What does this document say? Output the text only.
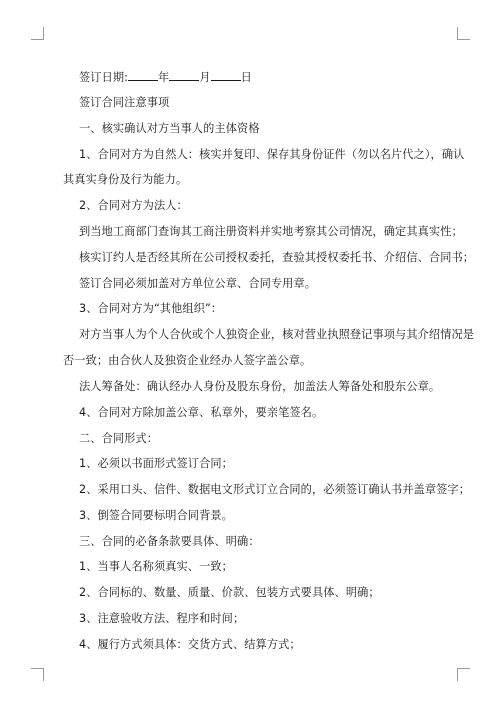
签订日期:	年	月	日
签订合同注意事项
一、核实确认对方当事人的主体资格
1、合同对方为自然人：核实并复印、保存其身份证件（勿以名片代之），确认
其真实身份及行为能力。
2、合同对方为法人：
到当地工商部门查询其工商注册资料并实地考察其公司情况，确定其真实性；
核实订约人是否经其所在公司授权委托，查验其授权委托书、介绍信、合同书；
签订合同必须加盖对方单位公章、合同专用章。
3、合同对方为“其他组织”：
对方当事人为个人合伙或个人独资企业，核对营业执照登记事项与其介绍情况是
否一致；由合伙人及独资企业经办人签字盖公章。
法人筹备处：确认经办人身份及股东身份，加盖法人筹备处和股东公章。
4、合同对方除加盖公章、私章外，要亲笔签名。
二、合同形式：
1、必须以书面形式签订合同；
2、采用口头、信件、数据电文形式订立合同的，必须签订确认书并盖章签字；
3、倒签合同要标明合同背景。
三、合同的必备条款要具体、明确：
1、当事人名称须真实、一致；
2、合同标的、数量、质量、价款、包装方式要具体、明确；
3、注意验收方法、程序和时间；
4、履行方式须具体：交货方式、结算方式；
